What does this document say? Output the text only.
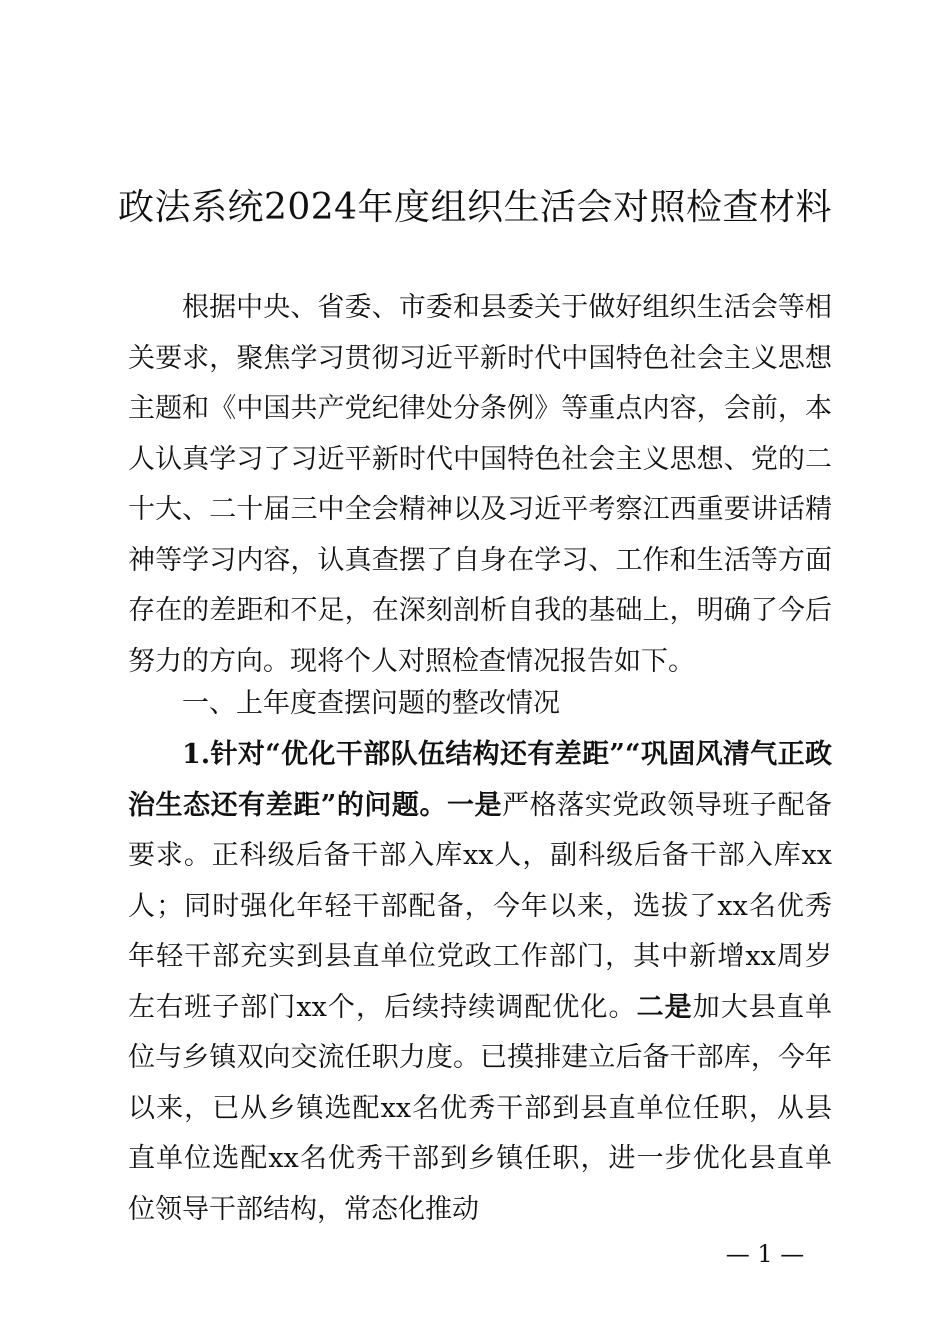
政法系统2024年度组织生活会对照检查材料

根据中央、省委、市委和县委关于做好组织生活会等相关要求，聚焦学习贯彻习近平新时代中国特色社会主义思想主题和《中国共产党纪律处分条例》等重点内容，会前，本人认真学习了习近平新时代中国特色社会主义思想、党的二十大、二十届三中全会精神以及习近平考察江西重要讲话精神等学习内容，认真查摆了自身在学习、工作和生活等方面存在的差距和不足，在深刻剖析自我的基础上，明确了今后努力的方向。现将个人对照检查情况报告如下。

一、上年度查摆问题的整改情况

1.针对“优化干部队伍结构还有差距”“巩固风清气正政治生态还有差距”的问题。一是严格落实党政领导班子配备要求。正科级后备干部入库xx人，副科级后备干部入库xx人；同时强化年轻干部配备，今年以来，选拔了xx名优秀年轻干部充实到县直单位党政工作部门，其中新增xx周岁左右班子部门xx个，后续持续调配优化。二是加大县直单位与乡镇双向交流任职力度。已摸排建立后备干部库，今年以来，已从乡镇选配xx名优秀干部到县直单位任职，从县直单位选配xx名优秀干部到乡镇任职，进一步优化县直单位领导干部结构，常态化推动

— 1 —
